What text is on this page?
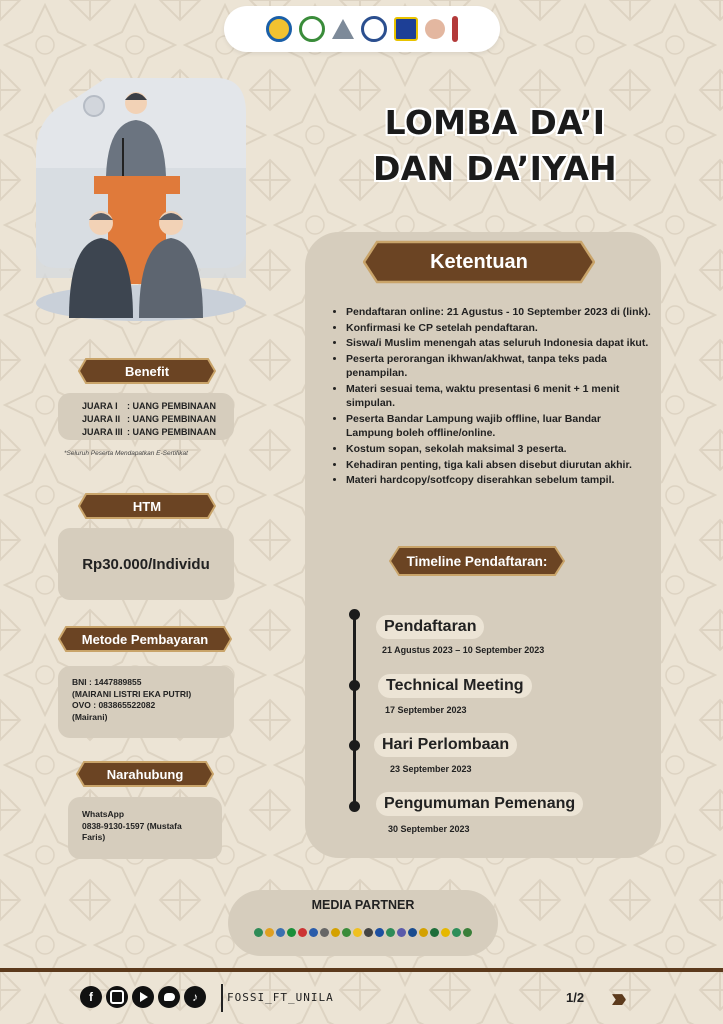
LOMBA DA’I
DAN DA’IYAH
Benefit
JUARA I : UANG PEMBINAAN
JUARA II : UANG PEMBINAAN
JUARA III : UANG PEMBINAAN
*Seluruh Peserta Mendapatkan E-Sertifikat
HTM
Rp30.000/Individu
Metode Pembayaran
BNI : 1447889855
(MAIRANI LISTRI EKA PUTRI)
OVO : 083865522082
(Mairani)
Narahubung
WhatsApp
0838-9130-1597 (Mustafa
Faris)
Ketentuan
• Pendaftaran online: 21 Agustus - 10 September 2023 di (link).
• Konfirmasi ke CP setelah pendaftaran.
• Siswa/i Muslim menengah atas seluruh Indonesia dapat ikut.
• Peserta perorangan ikhwan/akhwat, tanpa teks pada penampilan.
• Materi sesuai tema, waktu presentasi 6 menit + 1 menit simpulan.
• Peserta Bandar Lampung wajib offline, luar Bandar Lampung boleh offline/online.
• Kostum sopan, sekolah maksimal 3 peserta.
• Kehadiran penting, tiga kali absen disebut diurutan akhir.
• Materi hardcopy/sotfcopy diserahkan sebelum tampil.
Timeline Pendaftaran:
Pendaftaran
21 Agustus 2023 – 10 September 2023
Technical Meeting
17 September 2023
Hari Perlombaan
23 September 2023
Pengumuman Pemenang
30 September 2023
MEDIA PARTNER
f	♪	FOSSI_FT_UNILA	1/2 ›››
